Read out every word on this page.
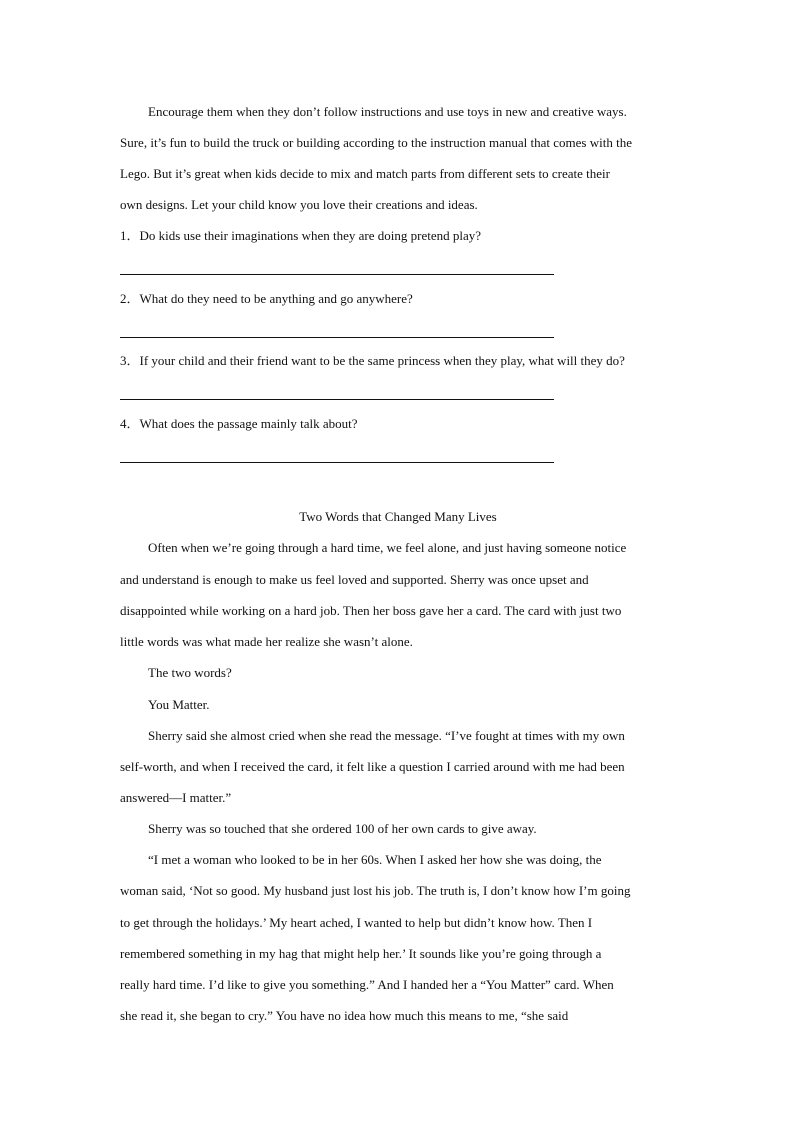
Encourage them when they don’t follow instructions and use toys in new and creative ways.
Sure, it’s fun to build the truck or building according to the instruction manual that comes with the
Lego. But it’s great when kids decide to mix and match parts from different sets to create their
own designs. Let your child know you love their creations and ideas.
1．Do kids use their imaginations when they are doing pretend play?
2．What do they need to be anything and go anywhere?
3．If your child and their friend want to be the same princess when they play, what will they do?
4．What does the passage mainly talk about?
Two Words that Changed Many Lives
Often when we’re going through a hard time, we feel alone, and just having someone notice
and understand is enough to make us feel loved and supported. Sherry was once upset and
disappointed while working on a hard job. Then her boss gave her a card. The card with just two
little words was what made her realize she wasn’t alone.
The two words?
You Matter.
Sherry said she almost cried when she read the message. “I’ve fought at times with my own
self-worth, and when I received the card, it felt like a question I carried around with me had been
answered—I matter.”
Sherry was so touched that she ordered 100 of her own cards to give away.
“I met a woman who looked to be in her 60s. When I asked her how she was doing, the
woman said, ‘Not so good. My husband just lost his job. The truth is, I don’t know how I’m going
to get through the holidays.’ My heart ached, I wanted to help but didn’t know how. Then I
remembered something in my hag that might help her.’ It sounds like you’re going through a
really hard time. I’d like to give you something.” And I handed her a “You Matter” card. When
she read it, she began to cry.” You have no idea how much this means to me, “she said
